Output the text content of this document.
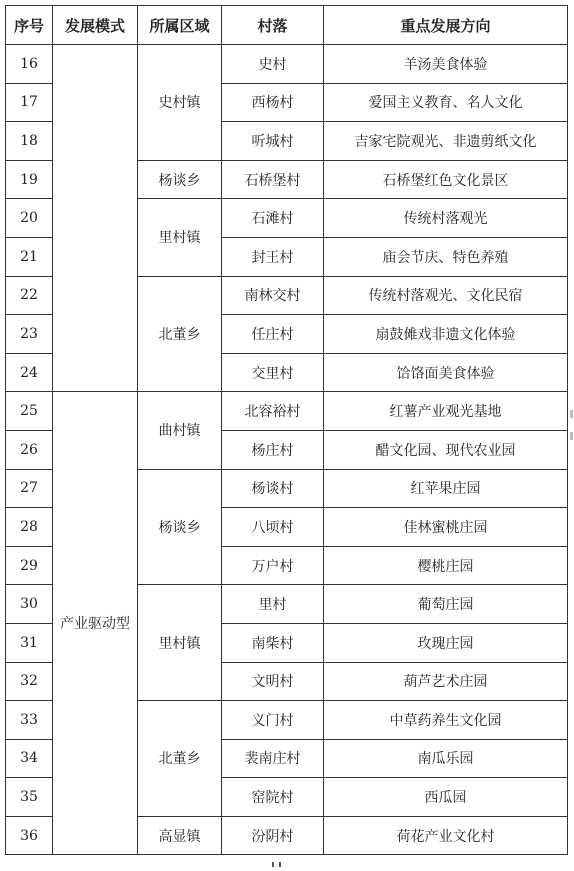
序号	发展模式	所属区域	村落	重点发展方向
16		史村镇	史村	羊汤美食体验
17			西杨村	爱国主义教育、名人文化
18			听城村	吉家宅院观光、非遗剪纸文化
19		杨谈乡	石桥堡村	石桥堡红色文化景区
20		里村镇	石滩村	传统村落观光
21			封王村	庙会节庆、特色养殖
22		北董乡	南林交村	传统村落观光、文化民宿
23			任庄村	扇鼓傩戏非遗文化体验
24			交里村	饸饹面美食体验
25	产业驱动型	曲村镇	北容裕村	红薯产业观光基地
26			杨庄村	醋文化园、现代农业园
27		杨谈乡	杨谈村	红苹果庄园
28			八顷村	佳林蜜桃庄园
29			万户村	樱桃庄园
30		里村镇	里村	葡萄庄园
31			南柴村	玫瑰庄园
32			文明村	葫芦艺术庄园
33		北董乡	义门村	中草药养生文化园
34			裴南庄村	南瓜乐园
35			窑院村	西瓜园
36		高显镇	汾阴村	荷花产业文化村
